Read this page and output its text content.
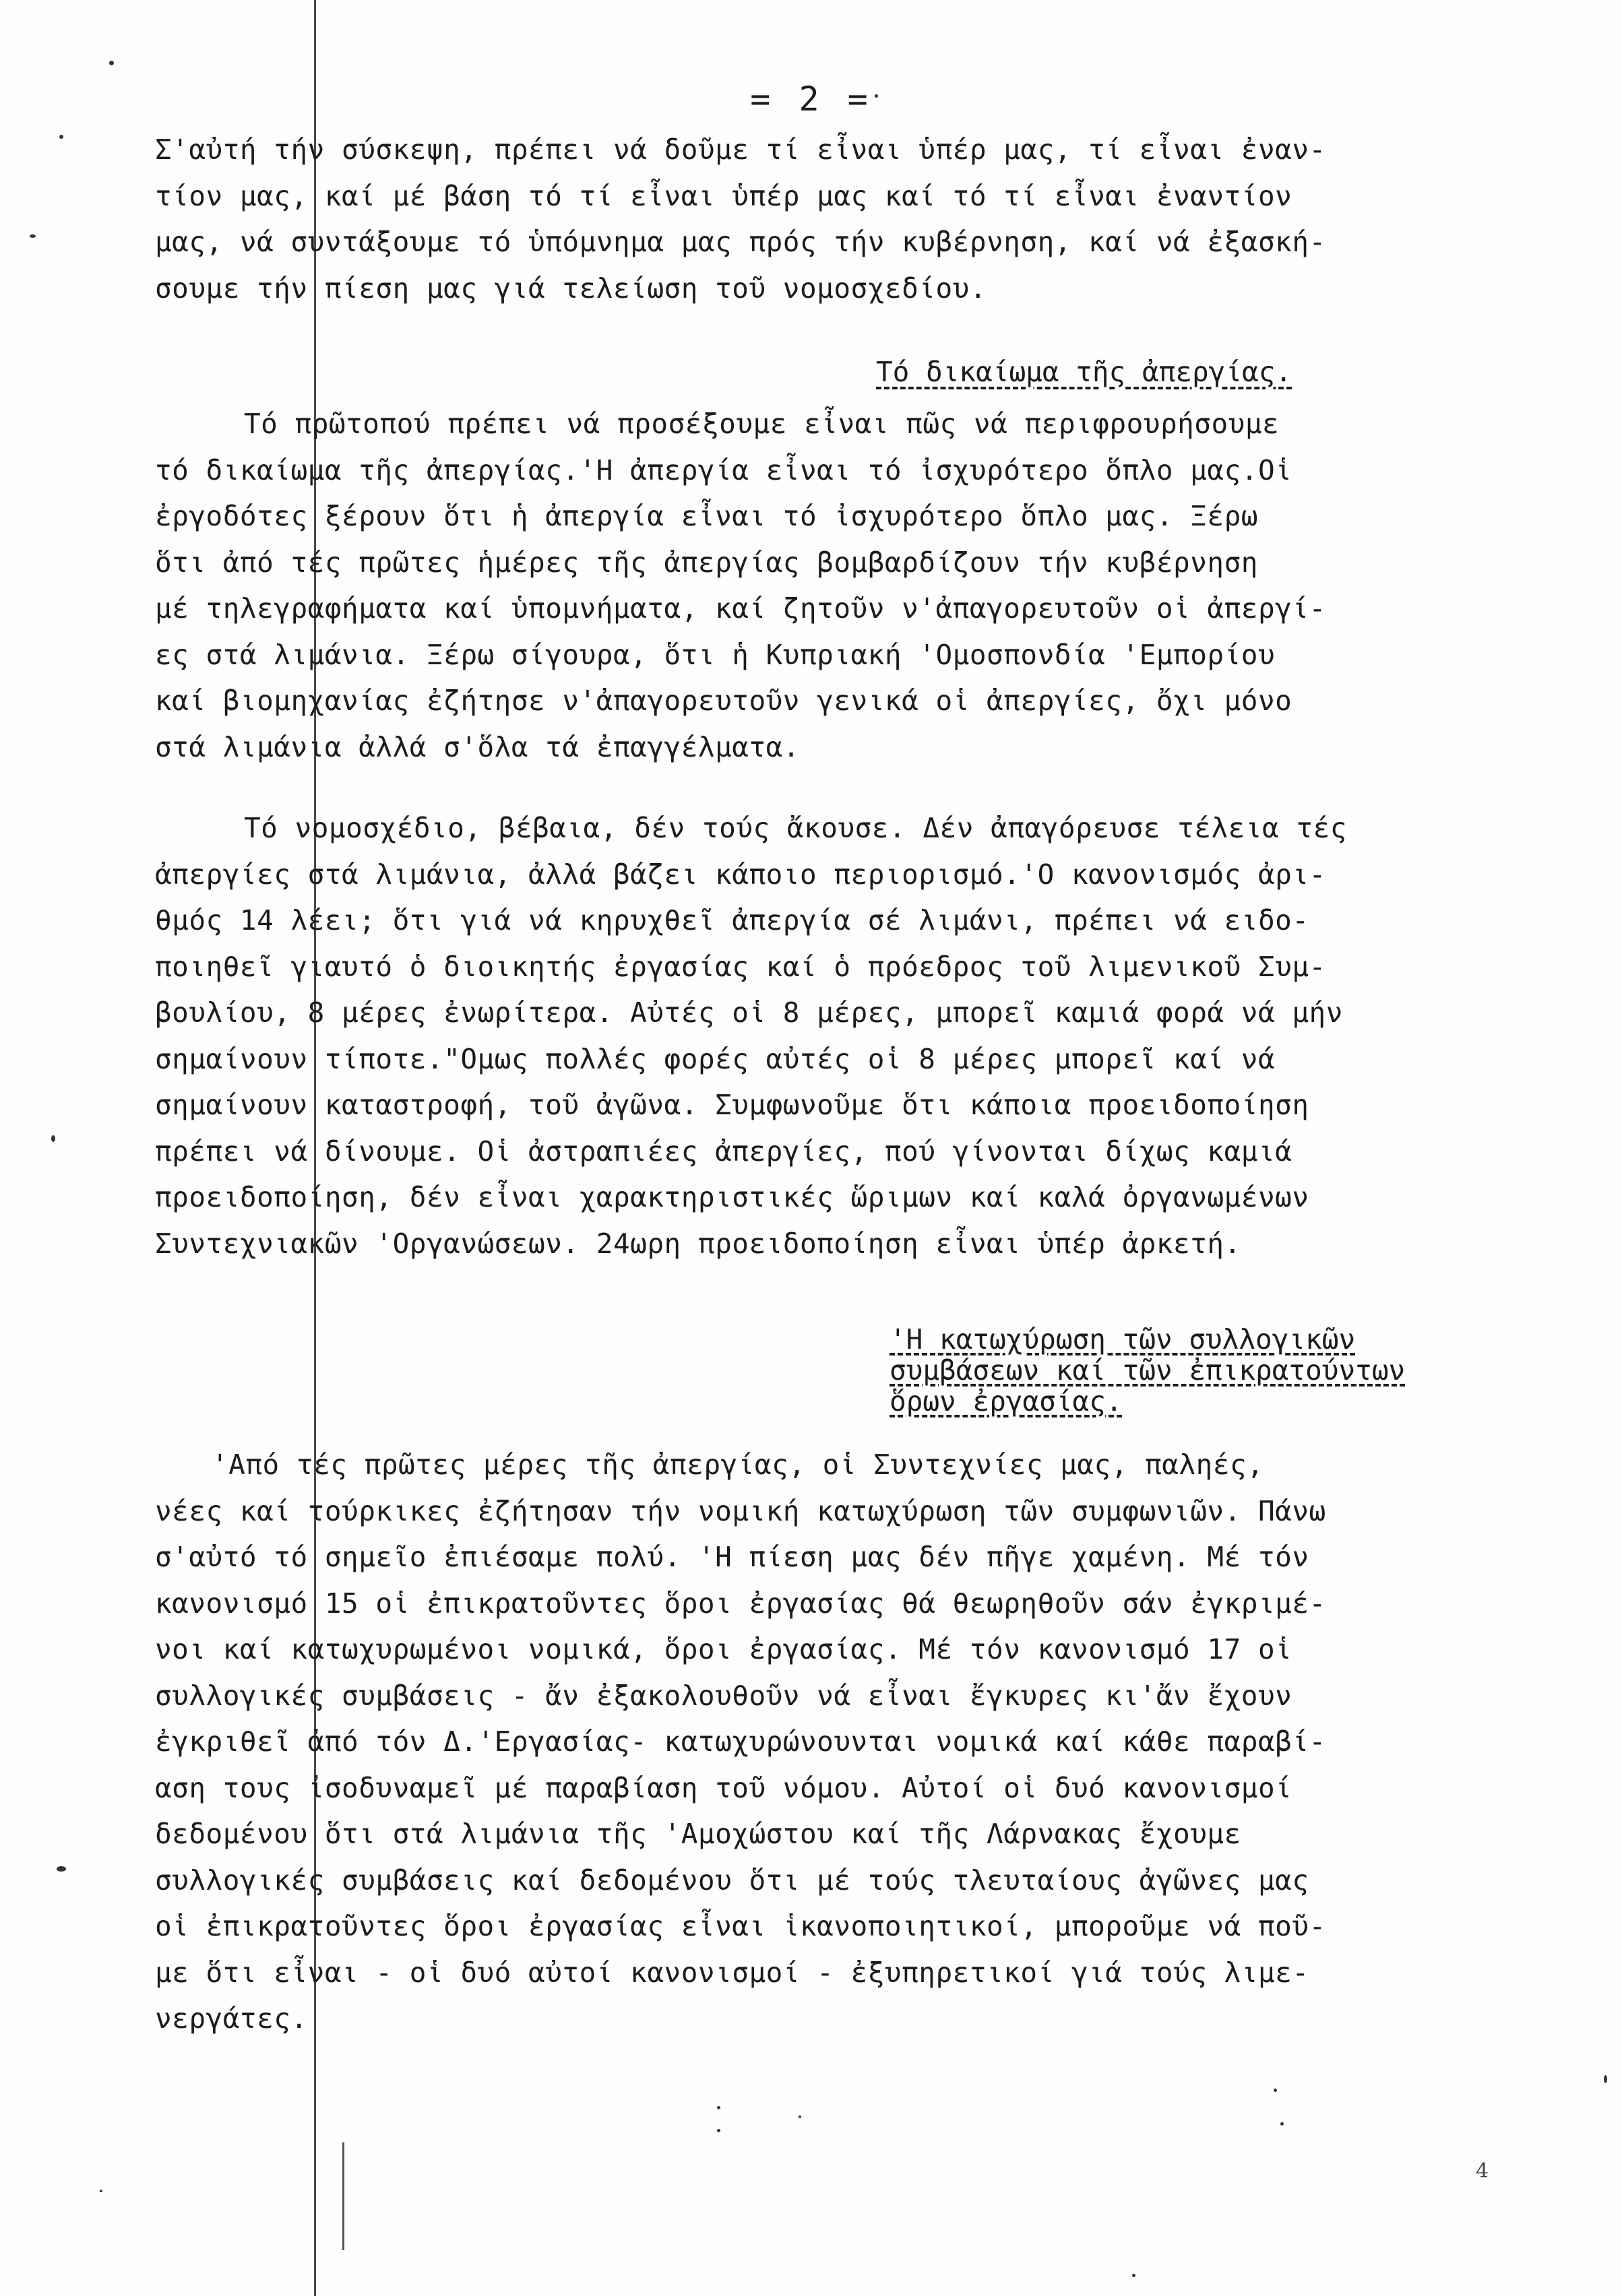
= 2 =
Σ'αὐτή τήν σύσκεψη, πρέπει νά δοῦμε τί εἶναι ὑπέρ μας, τί εἶναι ἐναν-
τίον μας, καί μέ βάση τό τί εἶναι ὑπέρ μας καί τό τί εἶναι ἐναντίον
μας, νά συντάξουμε τό ὑπόμνημα μας πρός τήν κυβέρνηση, καί νά ἐξασκή-
σουμε τήν πίεση μας γιά τελείωση τοῦ νομοσχεδίου.
Τό δικαίωμα τῆς ἀπεργίας.
Τό πρῶτοπού πρέπει νά προσέξουμε εἶναι πῶς νά περιφρουρήσουμε
τό δικαίωμα τῆς ἀπεργίας.'Η ἀπεργία εἶναι τό ἰσχυρότερο ὅπλο μας.Οἱ
ἐργοδότες ξέρουν ὅτι ἡ ἀπεργία εἶναι τό ἰσχυρότερο ὅπλο μας. Ξέρω
ὅτι ἀπό τές πρῶτες ἡμέρες τῆς ἀπεργίας βομβαρδίζουν τήν κυβέρνηση
μέ τηλεγραφήματα καί ὑπομνήματα, καί ζητοῦν ν'ἀπαγορευτοῦν οἱ ἀπεργί-
ες στά λιμάνια. Ξέρω σίγουρα, ὅτι ἡ Κυπριακή 'Ομοσπονδία 'Εμπορίου
καί βιομηχανίας ἐζήτησε ν'ἀπαγορευτοῦν γενικά οἱ ἀπεργίες, ὄχι μόνο
στά λιμάνια ἀλλά σ'ὅλα τά ἐπαγγέλματα.
Τό νομοσχέδιο, βέβαια, δέν τούς ἄκουσε. Δέν ἀπαγόρευσε τέλεια τές
ἀπεργίες στά λιμάνια, ἀλλά βάζει κάποιο περιορισμό.'Ο κανονισμός ἀρι-
θμός 14 λέει; ὅτι γιά νά κηρυχθεῖ ἀπεργία σέ λιμάνι, πρέπει νά ειδο-
ποιηθεῖ γιαυτό ὁ διοικητής ἐργασίας καί ὁ πρόεδρος τοῦ λιμενικοῦ Συμ-
βουλίου, 8 μέρες ἐνωρίτερα. Αὐτές οἱ 8 μέρες, μπορεῖ καμιά φορά νά μήν
σημαίνουν τίποτε."Ομως πολλές φορές αὐτές οἱ 8 μέρες μπορεῖ καί νά
σημαίνουν καταστροφή, τοῦ ἀγῶνα. Συμφωνοῦμε ὅτι κάποια προειδοποίηση
πρέπει νά δίνουμε. Οἱ ἀστραπιέες ἀπεργίες, πού γίνονται δίχως καμιά
προειδοποίηση, δέν εἶναι χαρακτηριστικές ὥριμων καί καλά ὀργανωμένων
Συντεχνιακῶν 'Οργανώσεων. 24ωρη προειδοποίηση εἶναι ὑπέρ ἀρκετή.
'Η κατωχύρωση τῶν συλλογικῶν
συμβάσεων καί τῶν ἐπικρατούντων
ὅρων ἐργασίας.
'Από τές πρῶτες μέρες τῆς ἀπεργίας, οἱ Συντεχνίες μας, παληές,
νέες καί τούρκικες ἐζήτησαν τήν νομική κατωχύρωση τῶν συμφωνιῶν. Πάνω
σ'αὐτό τό σημεῖο ἐπιέσαμε πολύ. 'Η πίεση μας δέν πῆγε χαμένη. Μέ τόν
κανονισμό 15 οἱ ἐπικρατοῦντες ὅροι ἐργασίας θά θεωρηθοῦν σάν ἐγκριμέ-
νοι καί κατωχυρωμένοι νομικά, ὅροι ἐργασίας. Μέ τόν κανονισμό 17 οἱ
συλλογικές συμβάσεις - ἄν ἐξακολουθοῦν νά εἶναι ἔγκυρες κι'ἄν ἔχουν
ἐγκριθεῖ ἀπό τόν Δ.'Εργασίας- κατωχυρώνουνται νομικά καί κάθε παραβί-
αση τους ἰσοδυναμεῖ μέ παραβίαση τοῦ νόμου. Αὐτοί οἱ δυό κανονισμοί
δεδομένου ὅτι στά λιμάνια τῆς 'Αμοχώστου καί τῆς Λάρνακας ἔχουμε
συλλογικές συμβάσεις καί δεδομένου ὅτι μέ τούς τλευταίους ἀγῶνες μας
οἱ ἐπικρατοῦντες ὅροι ἐργασίας εἶναι ἱκανοποιητικοί, μποροῦμε νά ποῦ-
με ὅτι εἶναι - οἱ δυό αὐτοί κανονισμοί - ἐξυπηρετικοί γιά τούς λιμε-
νεργάτες.
4
